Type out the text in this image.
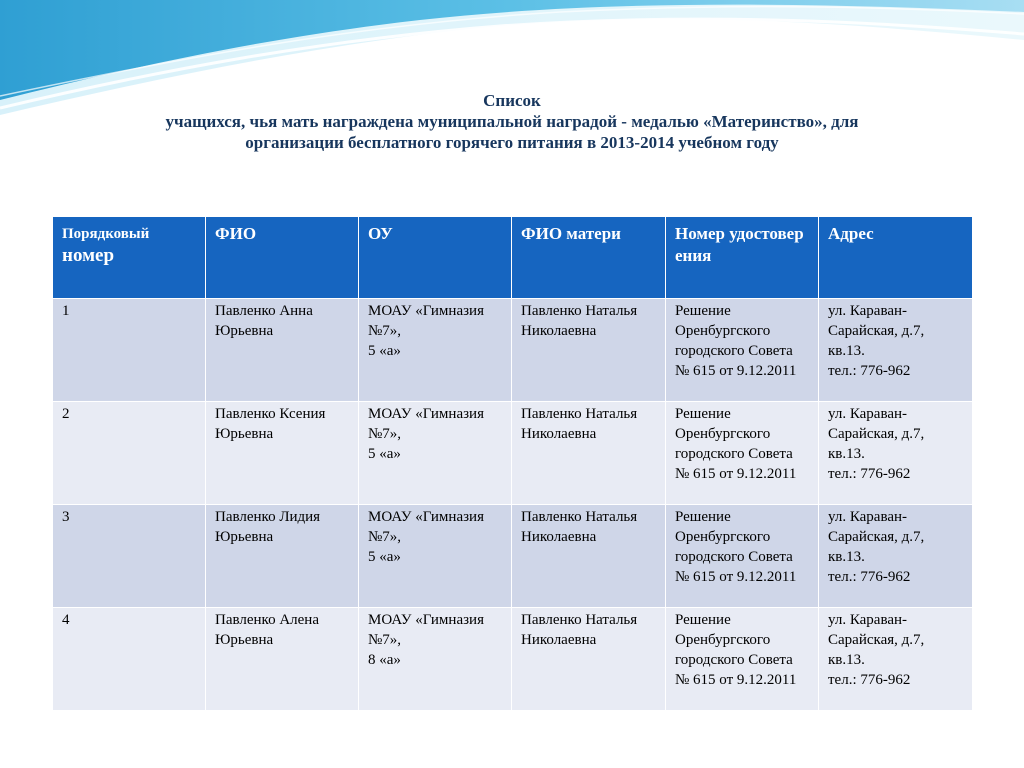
Список
учащихся, чья мать награждена муниципальной наградой - медалью «Материнство», для
организации бесплатного горячего питания в 2013-2014 учебном году
Порядковый
номер	ФИО	ОУ	ФИО матери	Номер удостоверения	Адрес
1	Павленко Анна Юрьевна	МОАУ «Гимназия №7»,
5 «а»	Павленко Наталья Николаевна	Решение Оренбургского городского Совета № 615 от 9.12.2011	ул. Караван-Сарайская, д.7, кв.13.
тел.: 776-962

2	Павленко Ксения Юрьевна	МОАУ «Гимназия №7»,
5 «а»	Павленко Наталья Николаевна	Решение Оренбургского городского Совета № 615 от 9.12.2011	ул. Караван-Сарайская, д.7, кв.13.
тел.: 776-962

3	Павленко Лидия Юрьевна	МОАУ «Гимназия №7»,
5 «а»	Павленко Наталья Николаевна	Решение Оренбургского городского Совета № 615 от 9.12.2011	ул. Караван-Сарайская, д.7, кв.13.
тел.: 776-962

4	Павленко Алена Юрьевна	МОАУ «Гимназия №7»,
8 «а»	Павленко Наталья Николаевна	Решение Оренбургского городского Совета № 615 от 9.12.2011	ул. Караван-Сарайская, д.7, кв.13.
тел.: 776-962
